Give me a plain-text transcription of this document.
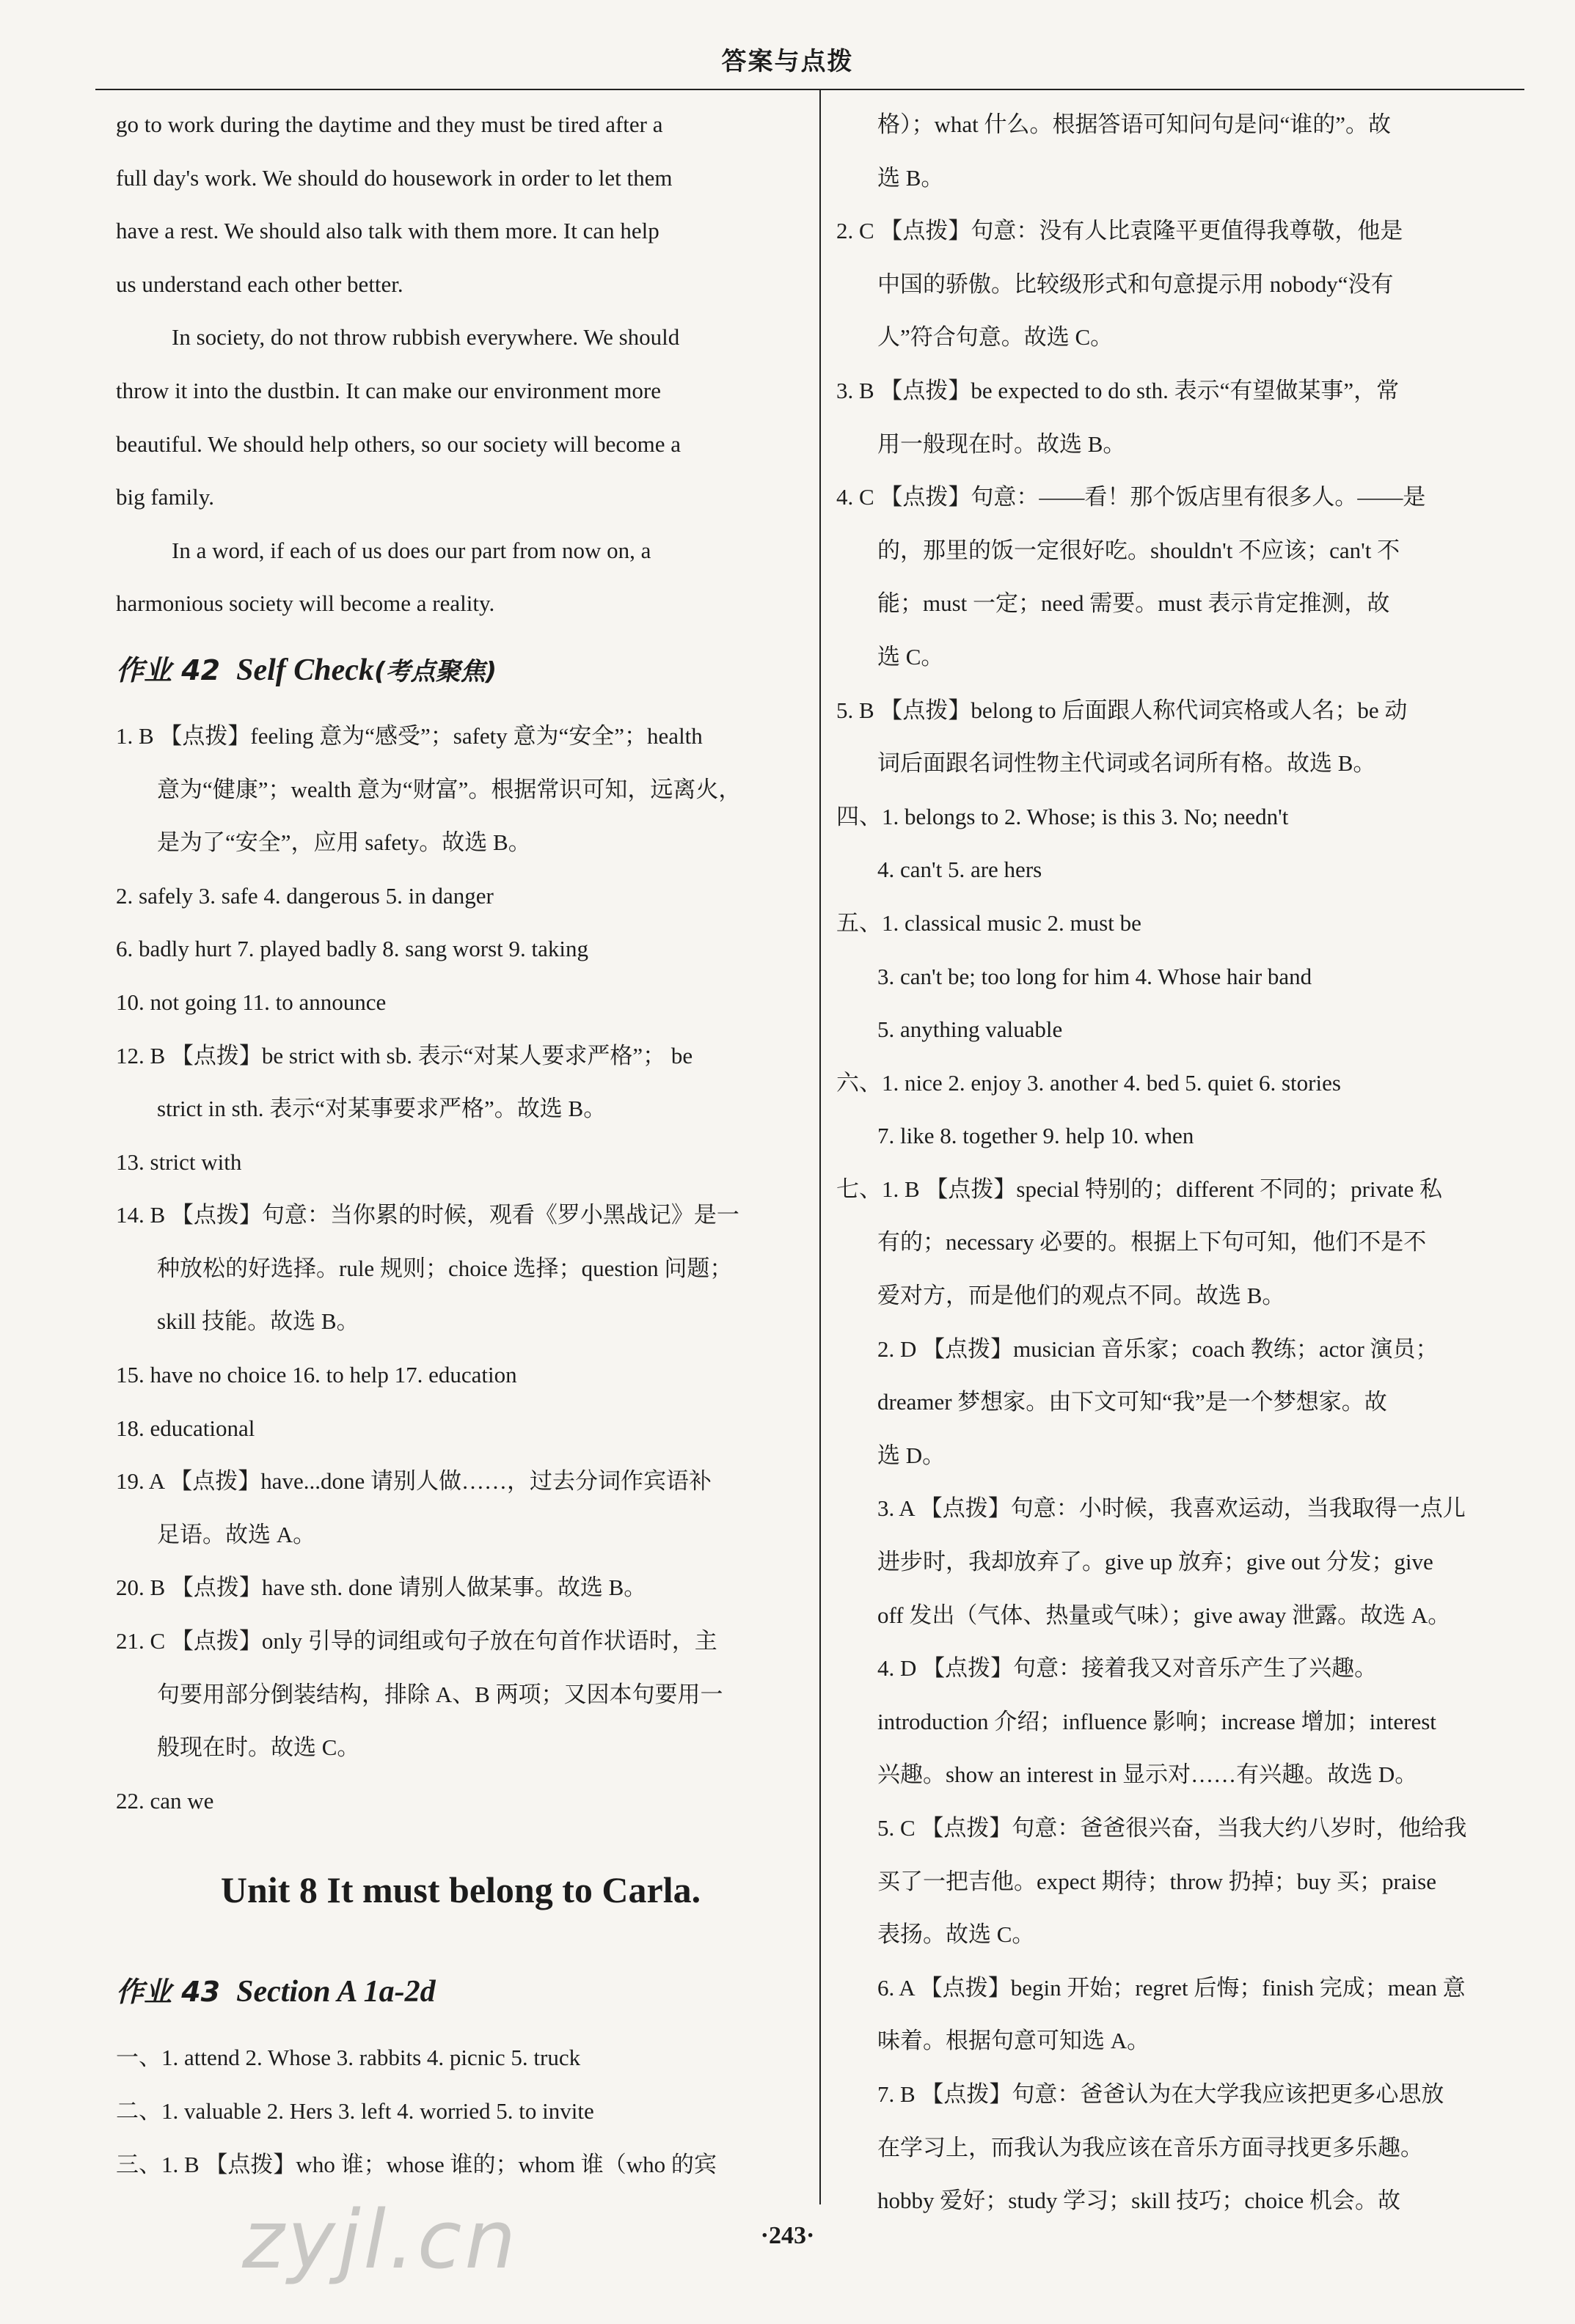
答案与点拨
go to work during the daytime and they must be tired after a
full day's work. We should do housework in order to let them
have a rest. We should also talk with them more. It can help
us understand each other better.
In society, do not throw rubbish everywhere. We should
throw it into the dustbin. It can make our environment more
beautiful. We should help others, so our society will become a
big family.
In a word, if each of us does our part from now on, a
harmonious society will become a reality.
作业 42 Self Check(考点聚焦)
1. B 【点拨】feeling 意为“感受”；safety 意为“安全”；health
意为“健康”；wealth 意为“财富”。根据常识可知，远离火，
是为了“安全”，应用 safety。故选 B。
2. safely 3. safe 4. dangerous 5. in danger
6. badly hurt 7. played badly 8. sang worst 9. taking
10. not going 11. to announce
12. B 【点拨】be strict with sb. 表示“对某人要求严格”； be
strict in sth. 表示“对某事要求严格”。故选 B。
13. strict with
14. B 【点拨】句意：当你累的时候，观看《罗小黑战记》是一
种放松的好选择。rule 规则；choice 选择；question 问题；
skill 技能。故选 B。
15. have no choice 16. to help 17. education
18. educational
19. A 【点拨】have...done 请别人做……，过去分词作宾语补
足语。故选 A。
20. B 【点拨】have sth. done 请别人做某事。故选 B。
21. C 【点拨】only 引导的词组或句子放在句首作状语时，主
句要用部分倒装结构，排除 A、B 两项；又因本句要用一
般现在时。故选 C。
22. can we
Unit 8 It must belong to Carla.
作业 43 Section A 1a-2d
一、1. attend 2. Whose 3. rabbits 4. picnic 5. truck
二、1. valuable 2. Hers 3. left 4. worried 5. to invite
三、1. B 【点拨】who 谁；whose 谁的；whom 谁（who 的宾
格）；what 什么。根据答语可知问句是问“谁的”。故
选 B。
2. C 【点拨】句意：没有人比袁隆平更值得我尊敬，他是
中国的骄傲。比较级形式和句意提示用 nobody“没有
人”符合句意。故选 C。
3. B 【点拨】be expected to do sth. 表示“有望做某事”，常
用一般现在时。故选 B。
4. C 【点拨】句意：——看！那个饭店里有很多人。——是
的，那里的饭一定很好吃。shouldn't 不应该；can't 不
能；must 一定；need 需要。must 表示肯定推测，故
选 C。
5. B 【点拨】belong to 后面跟人称代词宾格或人名；be 动
词后面跟名词性物主代词或名词所有格。故选 B。
四、1. belongs to 2. Whose; is this 3. No; needn't
4. can't 5. are hers
五、1. classical music 2. must be
3. can't be; too long for him 4. Whose hair band
5. anything valuable
六、1. nice 2. enjoy 3. another 4. bed 5. quiet 6. stories
7. like 8. together 9. help 10. when
七、1. B 【点拨】special 特别的；different 不同的；private 私
有的；necessary 必要的。根据上下句可知，他们不是不
爱对方，而是他们的观点不同。故选 B。
2. D 【点拨】musician 音乐家；coach 教练；actor 演员；
dreamer 梦想家。由下文可知“我”是一个梦想家。故
选 D。
3. A 【点拨】句意：小时候，我喜欢运动，当我取得一点儿
进步时，我却放弃了。give up 放弃；give out 分发；give
off 发出（气体、热量或气味）；give away 泄露。故选 A。
4. D 【点拨】句意：接着我又对音乐产生了兴趣。
introduction 介绍；influence 影响；increase 增加；interest
兴趣。show an interest in 显示对……有兴趣。故选 D。
5. C 【点拨】句意：爸爸很兴奋，当我大约八岁时，他给我
买了一把吉他。expect 期待；throw 扔掉；buy 买；praise
表扬。故选 C。
6. A 【点拨】begin 开始；regret 后悔；finish 完成；mean 意
味着。根据句意可知选 A。
7. B 【点拨】句意：爸爸认为在大学我应该把更多心思放
在学习上，而我认为我应该在音乐方面寻找更多乐趣。
hobby 爱好；study 学习；skill 技巧；choice 机会。故
·243·
zyjl.cn
